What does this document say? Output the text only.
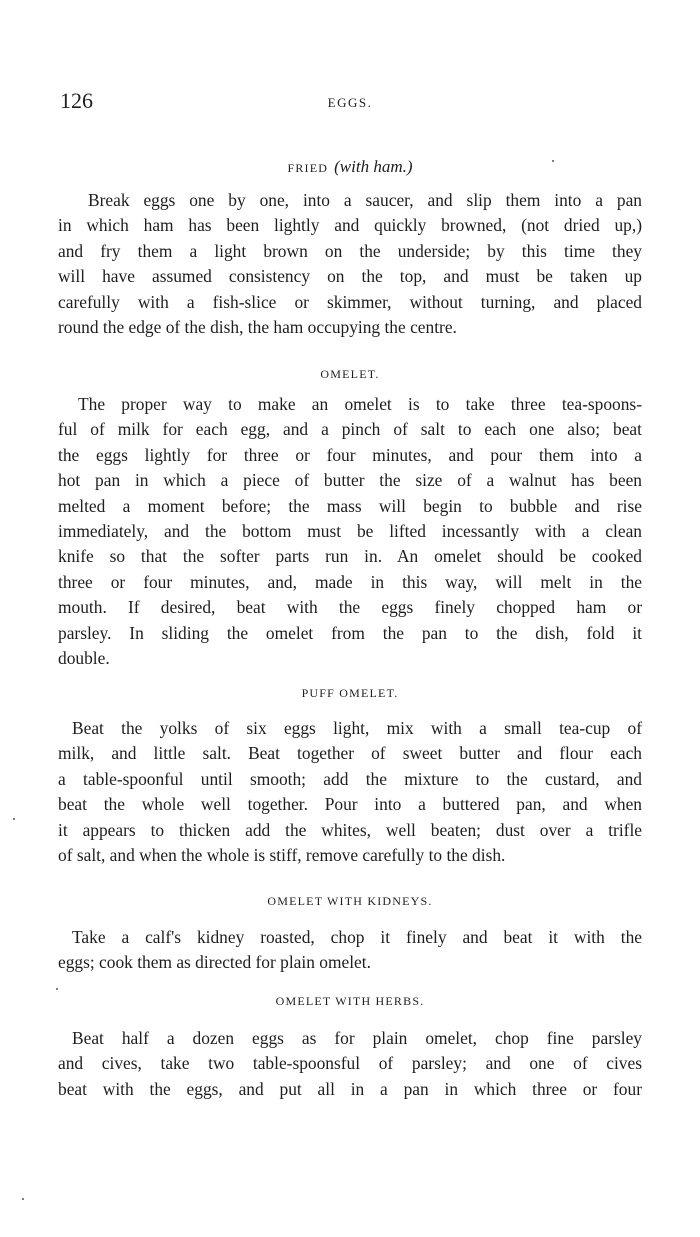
126	EGGS.
FRIED (with ham.)
Break eggs one by one, into a saucer, and slip them into a pan
in which ham has been lightly and quickly browned, (not dried up,)
and fry them a light brown on the underside; by this time they
will have assumed consistency on the top, and must be taken up
carefully with a fish-slice or skimmer, without turning, and placed
round the edge of the dish, the ham occupying the centre.
OMELET.
The proper way to make an omelet is to take three tea-spoons-
ful of milk for each egg, and a pinch of salt to each one also; beat
the eggs lightly for three or four minutes, and pour them into a
hot pan in which a piece of butter the size of a walnut has been
melted a moment before; the mass will begin to bubble and rise
immediately, and the bottom must be lifted incessantly with a clean
knife so that the softer parts run in. An omelet should be cooked
three or four minutes, and, made in this way, will melt in the
mouth. If desired, beat with the eggs finely chopped ham or
parsley. In sliding the omelet from the pan to the dish, fold it
double.
PUFF OMELET.
Beat the yolks of six eggs light, mix with a small tea-cup of
milk, and little salt. Beat together of sweet butter and flour each
a table-spoonful until smooth; add the mixture to the custard, and
beat the whole well together. Pour into a buttered pan, and when
it appears to thicken add the whites, well beaten; dust over a trifle
of salt, and when the whole is stiff, remove carefully to the dish.
OMELET WITH KIDNEYS.
Take a calf's kidney roasted, chop it finely and beat it with the
eggs; cook them as directed for plain omelet.
OMELET WITH HERBS.
Beat half a dozen eggs as for plain omelet, chop fine parsley
and cives, take two table-spoonsful of parsley; and one of cives
beat with the eggs, and put all in a pan in which three or four
